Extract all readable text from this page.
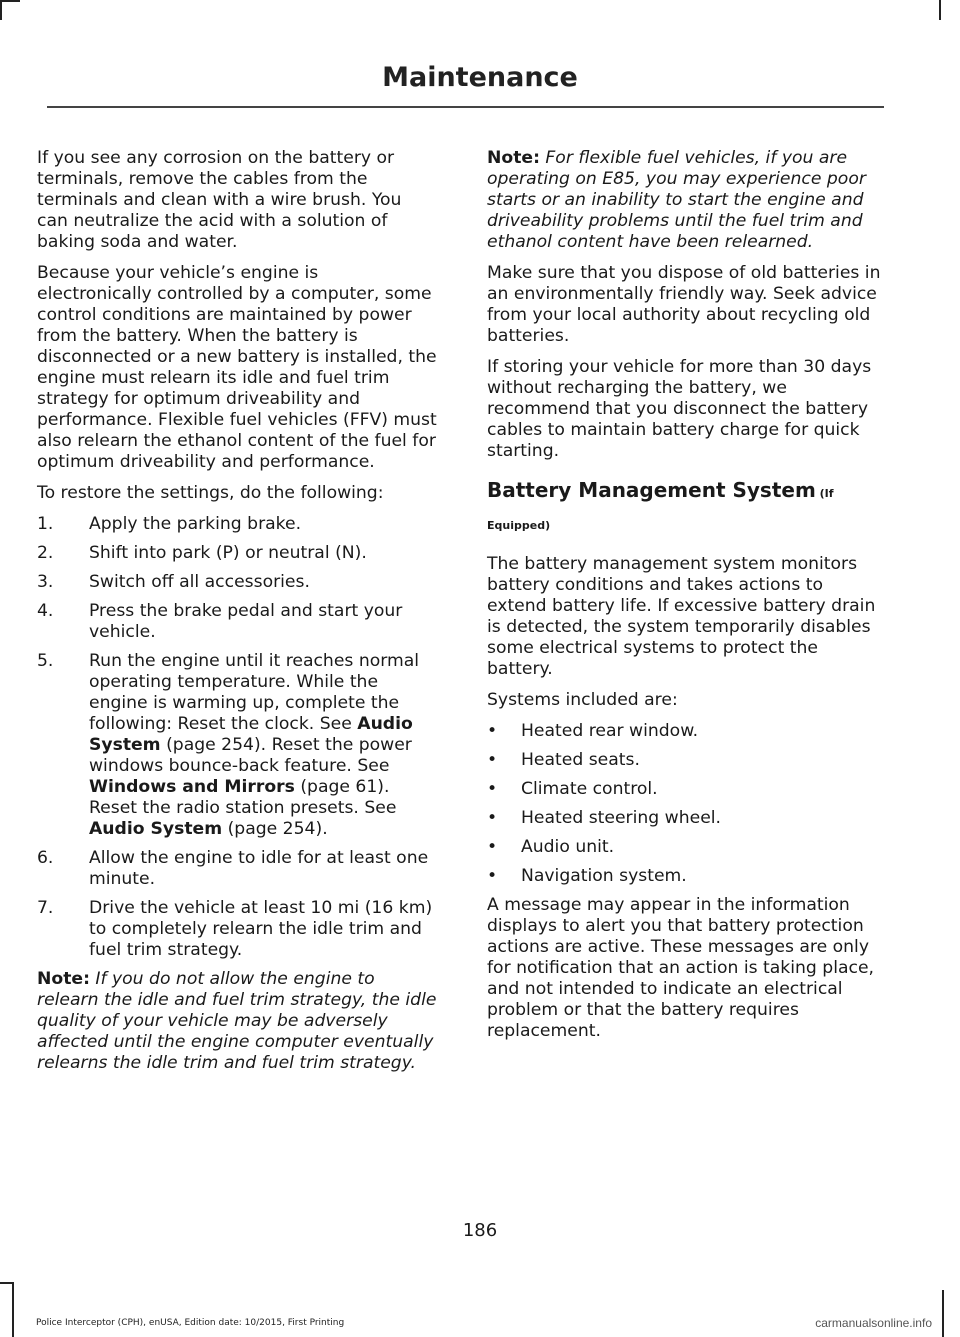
Maintenance

If you see any corrosion on the battery or terminals, remove the cables from the terminals and clean with a wire brush. You can neutralize the acid with a solution of baking soda and water.

Because your vehicle’s engine is electronically controlled by a computer, some control conditions are maintained by power from the battery. When the battery is disconnected or a new battery is installed, the engine must relearn its idle and fuel trim strategy for optimum driveability and performance. Flexible fuel vehicles (FFV) must also relearn the ethanol content of the fuel for optimum driveability and performance.

To restore the settings, do the following:

1. Apply the parking brake.
2. Shift into park (P) or neutral (N).
3. Switch off all accessories.
4. Press the brake pedal and start your vehicle.
5. Run the engine until it reaches normal operating temperature. While the engine is warming up, complete the following: Reset the clock. See Audio System (page 254). Reset the power windows bounce-back feature. See Windows and Mirrors (page 61). Reset the radio station presets. See Audio System (page 254).
6. Allow the engine to idle for at least one minute.
7. Drive the vehicle at least 10 mi (16 km) to completely relearn the idle trim and fuel trim strategy.

Note: If you do not allow the engine to relearn the idle and fuel trim strategy, the idle quality of your vehicle may be adversely affected until the engine computer eventually relearns the idle trim and fuel trim strategy.

Note: For flexible fuel vehicles, if you are operating on E85, you may experience poor starts or an inability to start the engine and driveability problems until the fuel trim and ethanol content have been relearned.

Make sure that you dispose of old batteries in an environmentally friendly way. Seek advice from your local authority about recycling old batteries.

If storing your vehicle for more than 30 days without recharging the battery, we recommend that you disconnect the battery cables to maintain battery charge for quick starting.

Battery Management System (If Equipped)

The battery management system monitors battery conditions and takes actions to extend battery life. If excessive battery drain is detected, the system temporarily disables some electrical systems to protect the battery.

Systems included are:

• Heated rear window.
• Heated seats.
• Climate control.
• Heated steering wheel.
• Audio unit.
• Navigation system.

A message may appear in the information displays to alert you that battery protection actions are active. These messages are only for notification that an action is taking place, and not intended to indicate an electrical problem or that the battery requires replacement.

186
Police Interceptor (CPH), enUSA, Edition date: 10/2015, First Printing	carmanualsonline.info
